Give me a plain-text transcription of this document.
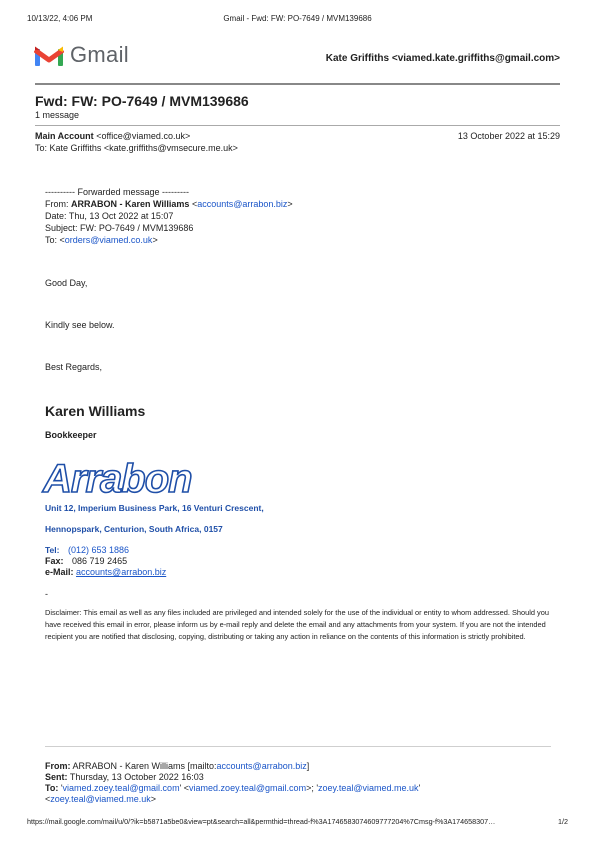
10/13/22, 4:06 PM	Gmail - Fwd: FW: PO-7649 / MVM139686
Gmail	Kate Griffiths <viamed.kate.griffiths@gmail.com>
Fwd: FW: PO-7649 / MVM139686
1 message
Main Account <office@viamed.co.uk>	13 October 2022 at 15:29
To: Kate Griffiths <kate.griffiths@vmsecure.me.uk>
---------- Forwarded message ---------
From: ARRABON - Karen Williams <accounts@arrabon.biz>
Date: Thu, 13 Oct 2022 at 15:07
Subject: FW: PO-7649 / MVM139686
To: <orders@viamed.co.uk>
Good Day,
Kindly see below.
Best Regards,
Karen Williams
Bookkeeper
Arrabon
Unit 12, Imperium Business Park, 16 Venturi Crescent,
Hennopspark, Centurion, South Africa, 0157
Tel: (012) 653 1886
Fax: 086 719 2465
e-Mail: accounts@arrabon.biz
-
Disclaimer: This email as well as any files included are privileged and intended solely for the use of the individual or entity to whom addressed. Should you have received this email in error, please inform us by e-mail reply and delete the email and any attachments from your system. If you are not the intended recipient you are notified that disclosing, copying, distributing or taking any action in reliance on the contents of this information is strictly prohibited.
From: ARRABON - Karen Williams [mailto:accounts@arrabon.biz]
Sent: Thursday, 13 October 2022 16:03
To: 'viamed.zoey.teal@gmail.com' <viamed.zoey.teal@gmail.com>; 'zoey.teal@viamed.me.uk'
<zoey.teal@viamed.me.uk>
https://mail.google.com/mail/u/0/?ik=b5871a5be0&view=pt&search=all&permthid=thread-f%3A1746583074609777204%7Cmsg-f%3A174658307…	1/2
